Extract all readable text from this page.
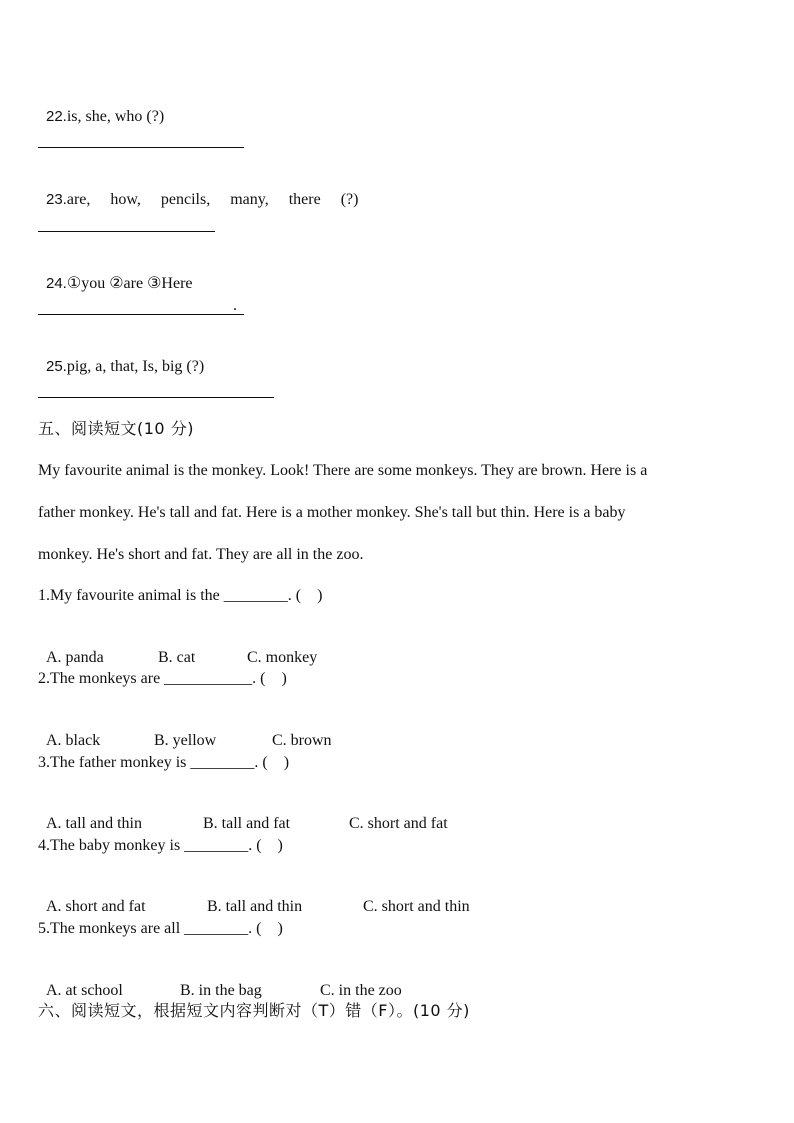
22.is, she, who (?)

23.are,     how,     pencils,     many,     there     (?)

24.①you ②are ③Here

.

25.pig, a, that, Is, big (?)

五、阅读短文(10 分)
My favourite animal is the monkey. Look! There are some monkeys. They are brown. Here is a
father monkey. He's tall and fat. Here is a mother monkey. She's tall but thin. Here is a baby
monkey. He's short and fat. They are all in the zoo.
1.My favourite animal is the ________. (    )

A. panda	B. cat	C. monkey

2.The monkeys are ___________. (    )

A. black	B. yellow	C. brown

3.The father monkey is ________. (    )

A. tall and thin	B. tall and fat	C. short and fat

4.The baby monkey is ________. (    )

A. short and fat	B. tall and thin	C. short and thin

5.The monkeys are all ________. (    )

A. at school	B. in the bag	C. in the zoo

六、阅读短文，根据短文内容判断对（T）错（F）。(10 分)
